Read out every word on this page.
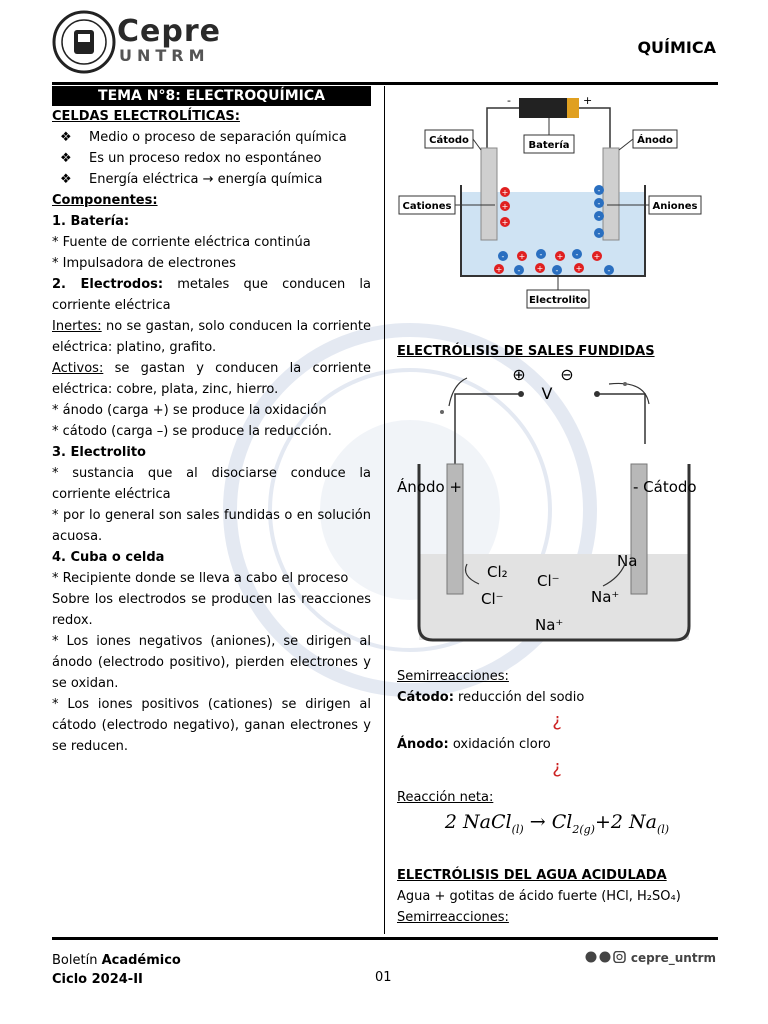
Cepre
UNTRM	QUÍMICA
TEMA N°8: ELECTROQUÍMICA

CELDAS ELECTROLÍTICAS:

❖ Medio o proceso de separación química

❖ Es un proceso redox no espontáneo

❖ Energía eléctrica → energía química

Componentes:

1. Batería:

* Fuente de corriente eléctrica continúa

* Impulsadora de electrones

2. Electrodos: metales que conducen la corriente eléctrica

Inertes: no se gastan, solo conducen la corriente eléctrica: platino, grafito.

Activos: se gastan y conducen la corriente eléctrica: cobre, plata, zinc, hierro.

* ánodo (carga +) se produce la oxidación

* cátodo (carga –) se produce la reducción.

3. Electrolito

* sustancia que al disociarse conduce la corriente eléctrica

* por lo general son sales fundidas o en solución acuosa.

4. Cuba o celda

* Recipiente donde se lleva a cabo el proceso

Sobre los electrodos se producen las reacciones redox.

* Los iones negativos (aniones), se dirigen al ánodo (electrodo positivo), pierden electrones y se oxidan.

* Los iones positivos (cationes) se dirigen al cátodo (electrodo negativo), ganan electrones y se reducen.

-	+
Cátodo	Batería	Ánodo
Cationes	Aniones
Electrolito
+
+
+
-
-
-
-
- + - + - +
+ - + - +	-

ELECTRÓLISIS DE SALES FUNDIDAS

⊕ ⊖
V
Ánodo +	- Cátodo
Cl₂
Cl⁻
Cl⁻
Na
Na⁺
Na⁺

Semirreacciones:

Cátodo: reducción del sodio

¿

Ánodo: oxidación cloro

¿

Reacción neta:

2 NaCl$_{(l)}$ → $Cl_{2(g)}+2$ $Na_{(l)}$

ELECTRÓLISIS DEL AGUA ACIDULADA

Agua + gotitas de ácido fuerte (HCl, H₂SO₄)

Semirreacciones:

Boletín Académico
Ciclo 2024-II	01
cepre_untrm
